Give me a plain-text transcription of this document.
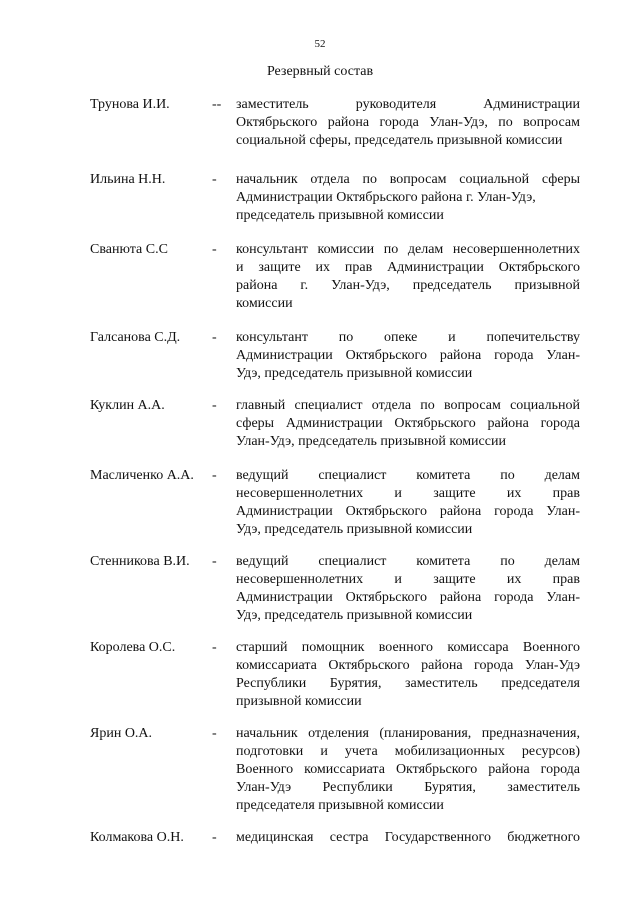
52
Резервный состав
Трунова И.И.	-- заместитель руководителя Администрации

Октябрьского района города Улан-Удэ, по вопросам

социальной сферы, председатель призывной комиссии

Ильина Н.Н.	- начальник отдела по вопросам социальной сферы

Администрации Октябрьского района г. Улан-Удэ,

председатель призывной комиссии

Сванюта С.С	- консультант комиссии по делам несовершеннолетних

и защите их прав Администрации Октябрьского

района г. Улан-Удэ, председатель призывной

комиссии

Галсанова С.Д. - консультант по опеке и попечительству

Администрации Октябрьского района города Улан-

Удэ, председатель призывной комиссии

Куклин А.А.	- главный специалист отдела по вопросам социальной

сферы Администрации Октябрьского района города

Улан-Удэ, председатель призывной комиссии

Масличенко А.А. - ведущий специалист комитета по делам

несовершеннолетних и защите их прав

Администрации Октябрьского района города Улан-

Удэ, председатель призывной комиссии

Стенникова В.И. - ведущий специалист комитета по делам

несовершеннолетних и защите их прав

Администрации Октябрьского района города Улан-

Удэ, председатель призывной комиссии

Королева О.С.	- старший помощник военного комиссара Военного

комиссариата Октябрьского района города Улан-Удэ

Республики Бурятия, заместитель председателя

призывной комиссии

Ярин О.А.	- начальник отделения (планирования, предназначения,

подготовки и учета мобилизационных ресурсов)

Военного комиссариата Октябрьского района города

Улан-Удэ Республики Бурятия, заместитель

председателя призывной комиссии

Колмакова О.Н. - медицинская сестра Государственного бюджетного
